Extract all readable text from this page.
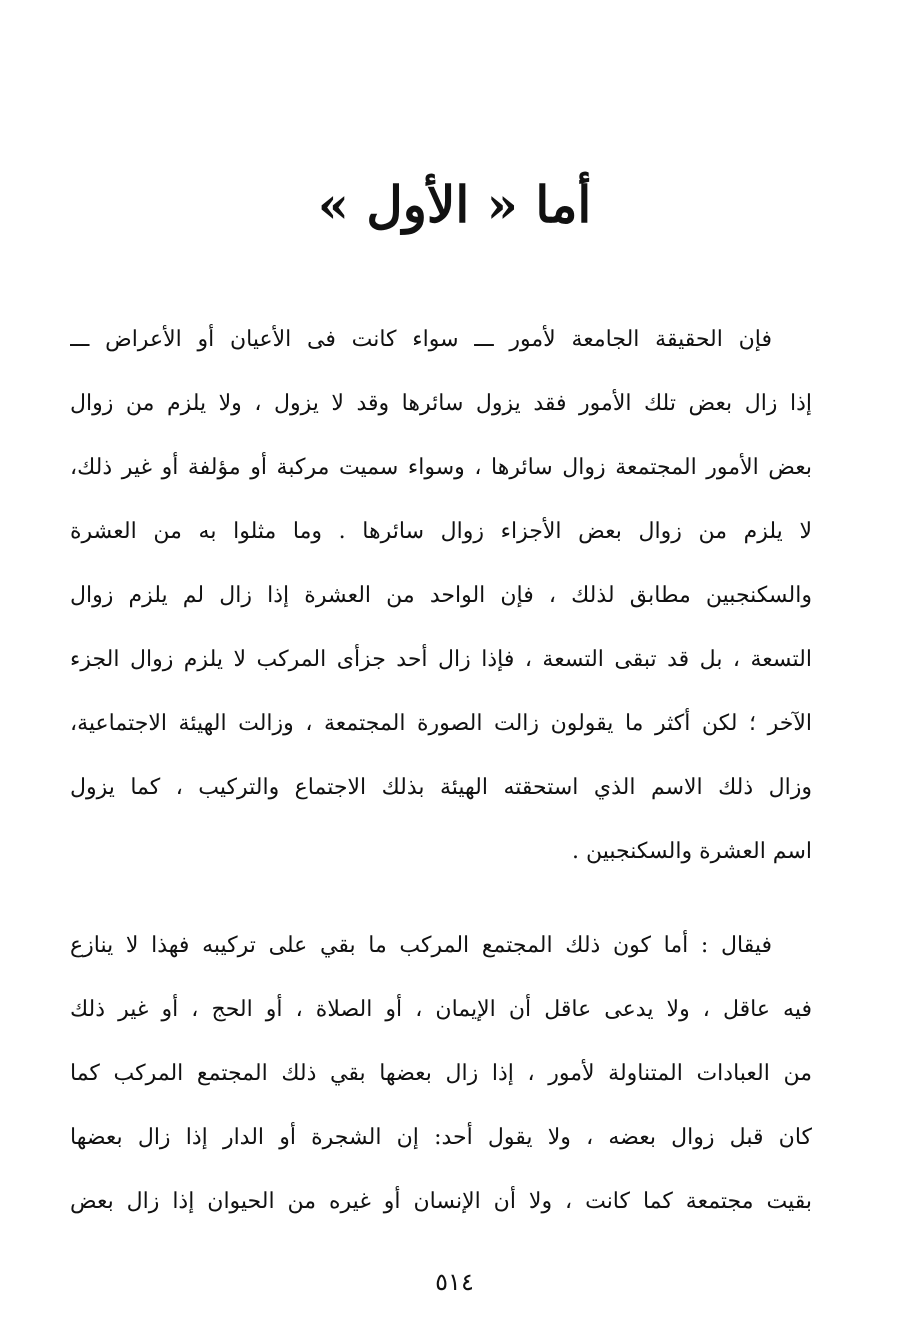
أما « الأول »
فإن الحقيقة الجامعة لأمور ـــ سواء كانت فى الأعيان أو الأعراض ـــ
إذا زال بعض تلك الأمور فقد يزول سائرها وقد لا يزول ، ولا يلزم من زوال
بعض الأمور المجتمعة زوال سائرها ، وسواء سميت مركبة أو مؤلفة أو غير ذلك،
لا يلزم من زوال بعض الأجزاء زوال سائرها . وما مثلوا به من العشرة
والسكنجبين مطابق لذلك ، فإن الواحد من العشرة إذا زال لم يلزم زوال
التسعة ، بل قد تبقى التسعة ، فإذا زال أحد جزأى المركب لا يلزم زوال الجزء
الآخر ؛ لكن أكثر ما يقولون زالت الصورة المجتمعة ، وزالت الهيئة الاجتماعية،
وزال ذلك الاسم الذي استحقته الهيئة بذلك الاجتماع والتركيب ، كما يزول
اسم العشرة والسكنجبين .
فيقال : أما كون ذلك المجتمع المركب ما بقي على تركيبه فهذا لا ينازع
فيه عاقل ، ولا يدعى عاقل أن الإيمان ، أو الصلاة ، أو الحج ، أو غير ذلك
من العبادات المتناولة لأمور ، إذا زال بعضها بقي ذلك المجتمع المركب كما
كان قبل زوال بعضه ، ولا يقول أحد: إن الشجرة أو الدار إذا زال بعضها
بقيت مجتمعة كما كانت ، ولا أن الإنسان أو غيره من الحيوان إذا زال بعض
٥١٤
